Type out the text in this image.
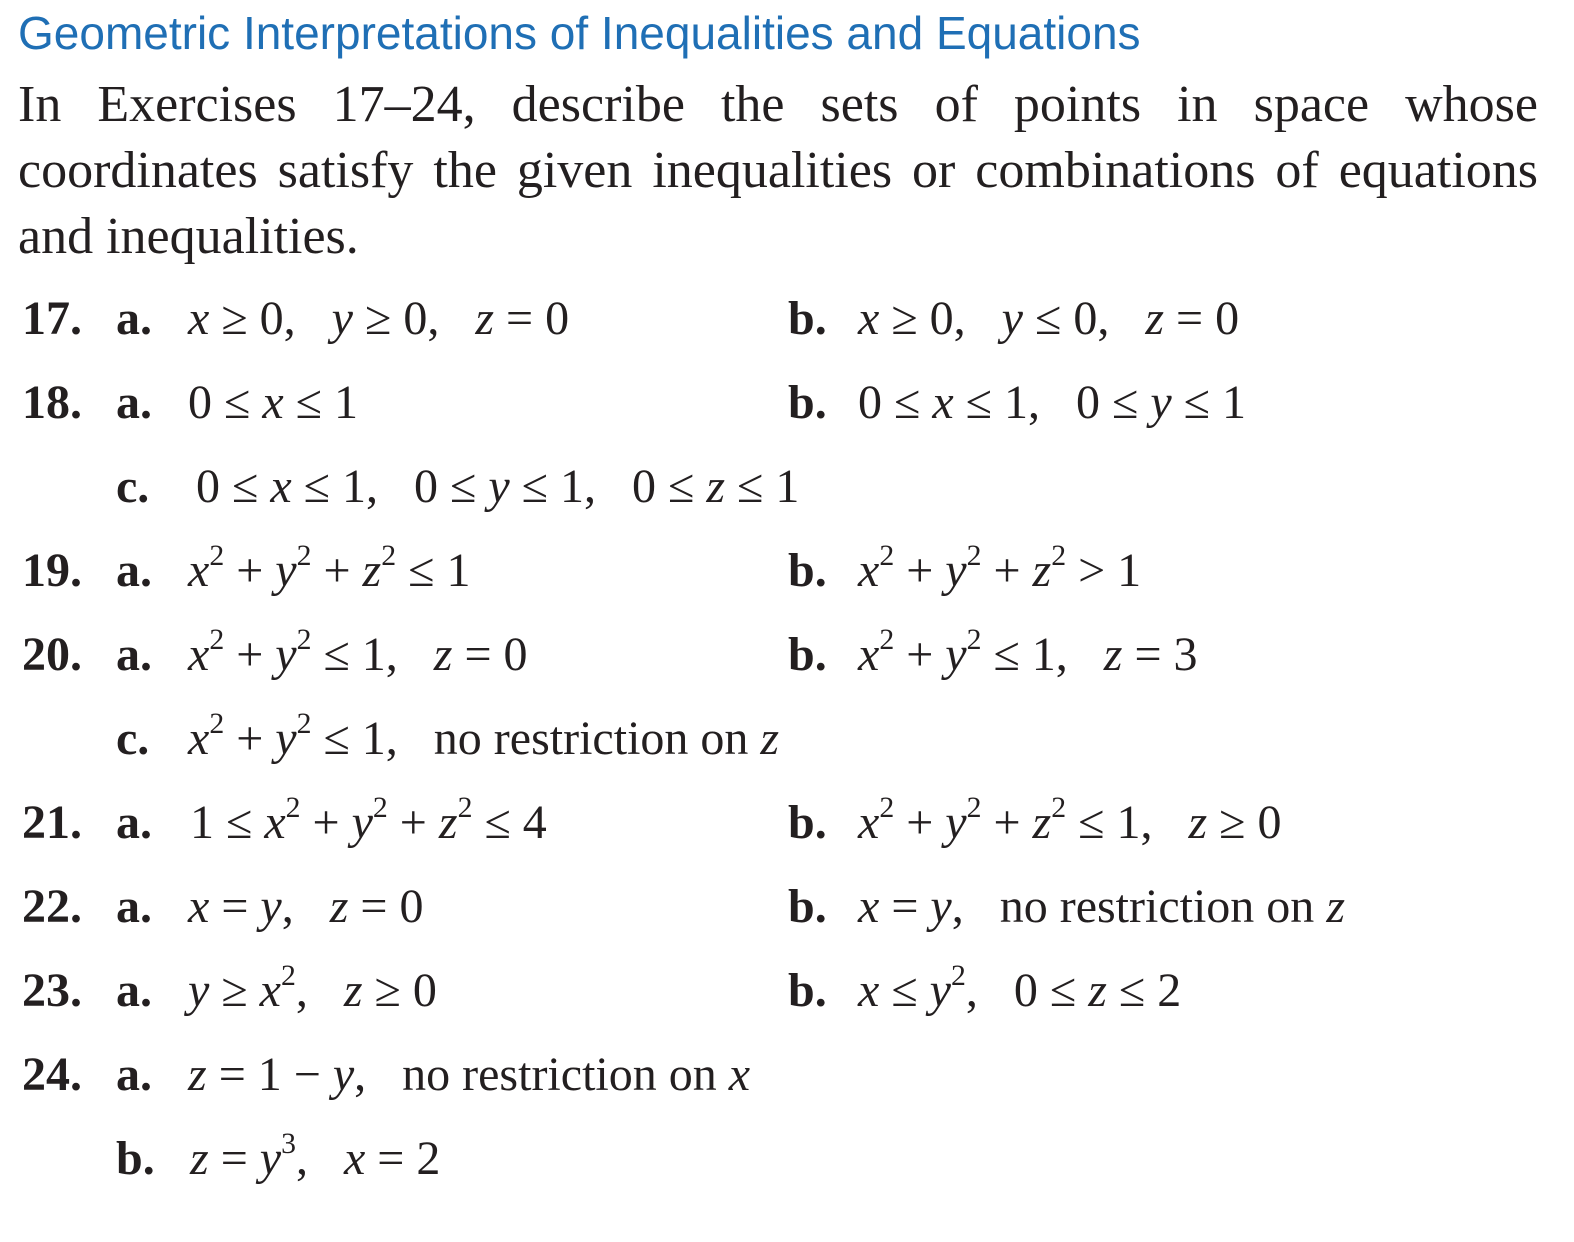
Geometric Interpretations of Inequalities and Equations
In Exercises 17–24, describe the sets of points in space whose coordinates satisfy the given inequalities or combinations of equations and inequalities.
17. a. x ≥ 0,   y ≥ 0,   z = 0	b. x ≥ 0,   y ≤ 0,   z = 0
18. a. 0 ≤ x ≤ 1	b. 0 ≤ x ≤ 1,   0 ≤ y ≤ 1
c. 0 ≤ x ≤ 1,   0 ≤ y ≤ 1,   0 ≤ z ≤ 1
19. a. $x^2 + y^2 + z^2 \le 1$	b. $x^2 + y^2 + z^2 > 1$
20. a. $x^2 + y^2 \le 1$,   z = 0	b. $x^2 + y^2 \le 1$,   z = 3
c. $x^2 + y^2 \le 1$,   no restriction on z
21. a. $1 \le x^2 + y^2 + z^2 \le 4$	b. $x^2 + y^2 + z^2 \le 1$,   z ≥ 0
22. a. x = y,   z = 0	b. x = y,   no restriction on z
23. a. $y \ge x^2$,   z ≥ 0	b. $x \le y^2$,   0 ≤ z ≤ 2
24. a. z = 1 − y,   no restriction on x
b. $z = y^3$,   x = 2
